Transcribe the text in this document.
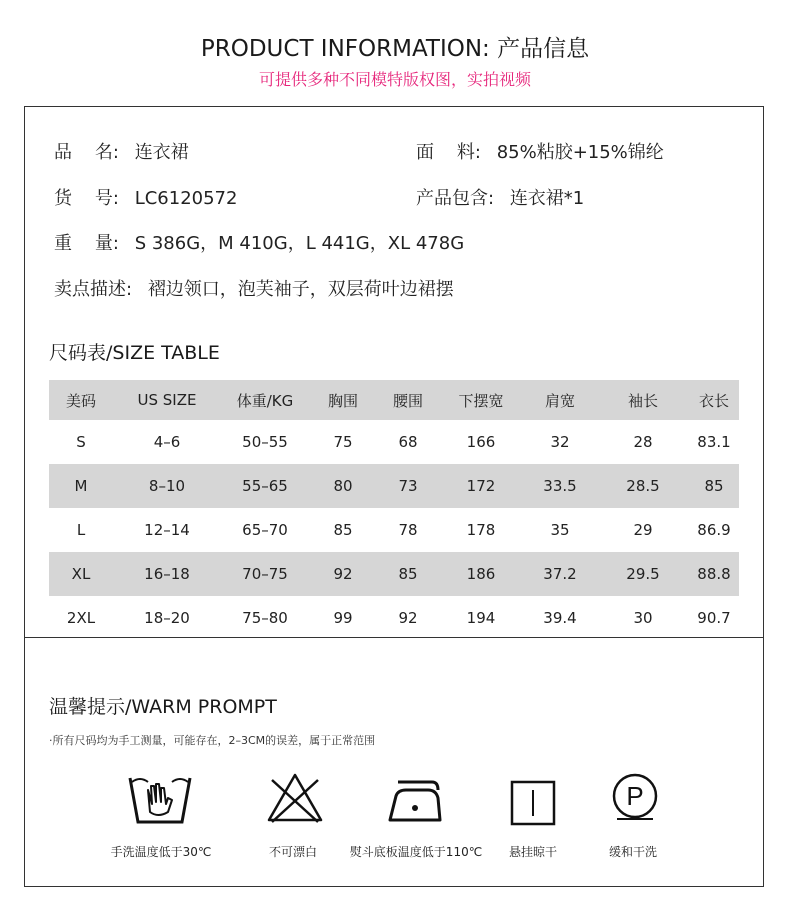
PRODUCT INFORMATION: 产品信息
可提供多种不同模特版权图，实拍视频
品    名: 连衣裙	面    料: 85%粘胶+15%锦纶
货    号: LC6120572	产品包含: 连衣裙*1
重    量: S 386G，M 410G，L 441G，XL 478G
卖点描述: 褶边领口，泡芙袖子，双层荷叶边裙摆
尺码表/SIZE TABLE
美码	US SIZE	体重/KG	胸围	腰围	下摆宽	肩宽	袖长	衣长
S	4–6	50–55	75	68	166	32	28	83.1
M	8–10	55–65	80	73	172	33.5	28.5	85
L	12–14	65–70	85	78	178	35	29	86.9
XL	16–18	70–75	92	85	186	37.2	29.5	88.8
2XL	18–20	75–80	99	92	194	39.4	30	90.7
温馨提示/WARM PROMPT
·所有尺码均为手工测量，可能存在，2–3CM的误差，属于正常范围
P
手洗温度低于30℃	不可漂白	熨斗底板温度低于110℃ 悬挂晾干	缓和干洗
